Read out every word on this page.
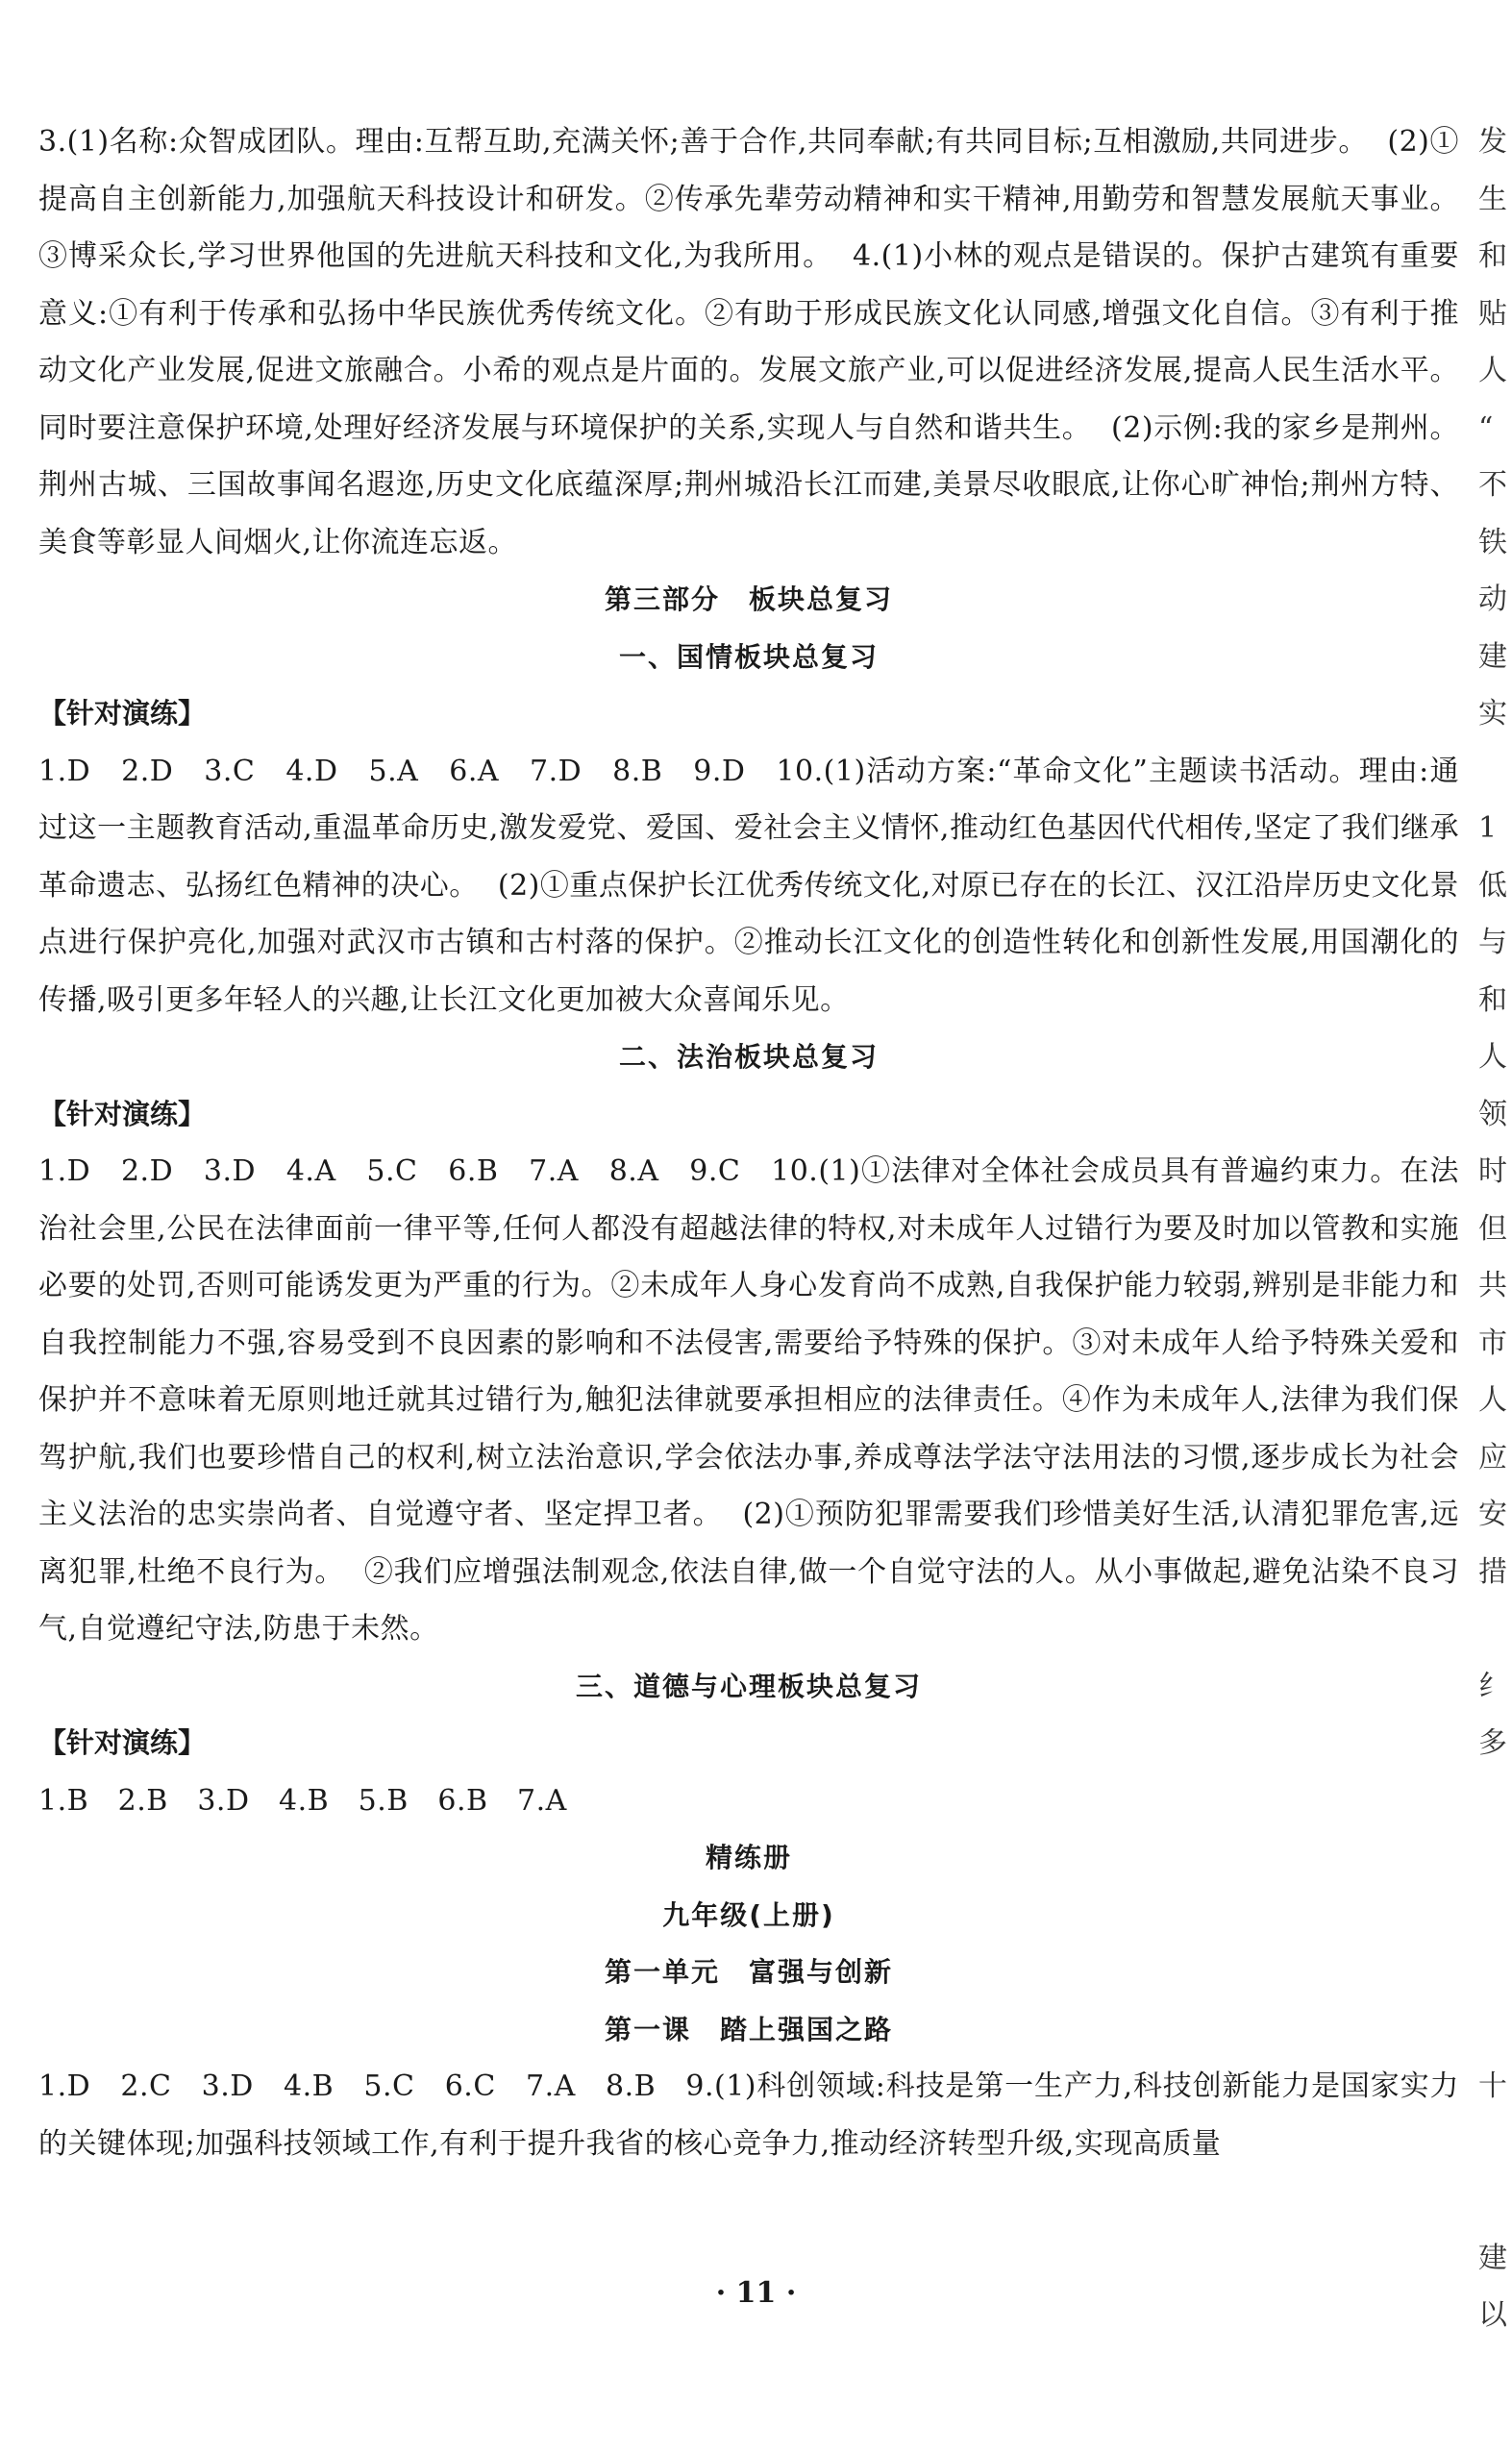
3.(1)名称:众智成团队。理由:互帮互助,充满关怀;善于合作,共同奉献;有共同目标;互相激励,共同进步。  (2)①提高自主创新能力,加强航天科技设计和研发。②传承先辈劳动精神和实干精神,用勤劳和智慧发展航天事业。③博采众长,学习世界他国的先进航天科技和文化,为我所用。  4.(1)小林的观点是错误的。保护古建筑有重要意义:①有利于传承和弘扬中华民族优秀传统文化。②有助于形成民族文化认同感,增强文化自信。③有利于推动文化产业发展,促进文旅融合。小希的观点是片面的。发展文旅产业,可以促进经济发展,提高人民生活水平。同时要注意保护环境,处理好经济发展与环境保护的关系,实现人与自然和谐共生。  (2)示例:我的家乡是荆州。荆州古城、三国故事闻名遐迩,历史文化底蕴深厚;荆州城沿长江而建,美景尽收眼底,让你心旷神怡;荆州方特、美食等彰显人间烟火,让你流连忘返。

第三部分　板块总复习

一、国情板块总复习

【针对演练】

1.D　2.D　3.C　4.D　5.A　6.A　7.D　8.B　9.D　10.(1)活动方案:“革命文化”主题读书活动。理由:通过这一主题教育活动,重温革命历史,激发爱党、爱国、爱社会主义情怀,推动红色基因代代相传,坚定了我们继承革命遗志、弘扬红色精神的决心。  (2)①重点保护长江优秀传统文化,对原已存在的长江、汉江沿岸历史文化景点进行保护亮化,加强对武汉市古镇和古村落的保护。②推动长江文化的创造性转化和创新性发展,用国潮化的传播,吸引更多年轻人的兴趣,让长江文化更加被大众喜闻乐见。

二、法治板块总复习

【针对演练】

1.D　2.D　3.D　4.A　5.C　6.B　7.A　8.A　9.C　10.(1)①法律对全体社会成员具有普遍约束力。在法治社会里,公民在法律面前一律平等,任何人都没有超越法律的特权,对未成年人过错行为要及时加以管教和实施必要的处罚,否则可能诱发更为严重的行为。②未成年人身心发育尚不成熟,自我保护能力较弱,辨别是非能力和自我控制能力不强,容易受到不良因素的影响和不法侵害,需要给予特殊的保护。③对未成年人给予特殊关爱和保护并不意味着无原则地迁就其过错行为,触犯法律就要承担相应的法律责任。④作为未成年人,法律为我们保驾护航,我们也要珍惜自己的权利,树立法治意识,学会依法办事,养成尊法学法守法用法的习惯,逐步成长为社会主义法治的忠实崇尚者、自觉遵守者、坚定捍卫者。  (2)①预防犯罪需要我们珍惜美好生活,认清犯罪危害,远离犯罪,杜绝不良行为。  ②我们应增强法制观念,依法自律,做一个自觉守法的人。从小事做起,避免沾染不良习气,自觉遵纪守法,防患于未然。

三、道德与心理板块总复习

【针对演练】

1.B　2.B　3.D　4.B　5.B　6.B　7.A

精练册

九年级(上册)

第一单元　富强与创新

第一课　踏上强国之路

1.D　2.C　3.D　4.B　5.C　6.C　7.A　8.B　9.(1)科创领域:科技是第一生产力,科技创新能力是国家实力的关键体现;加强科技领域工作,有利于提升我省的核心竞争力,推动经济转型升级,实现高质量

发
生
和
贴
人
“
不
铁
动
建
实
1
低
与
和
人
领
时
但
共
市
人
应
安
措
纟
多
十
建
以
· 11 ·
